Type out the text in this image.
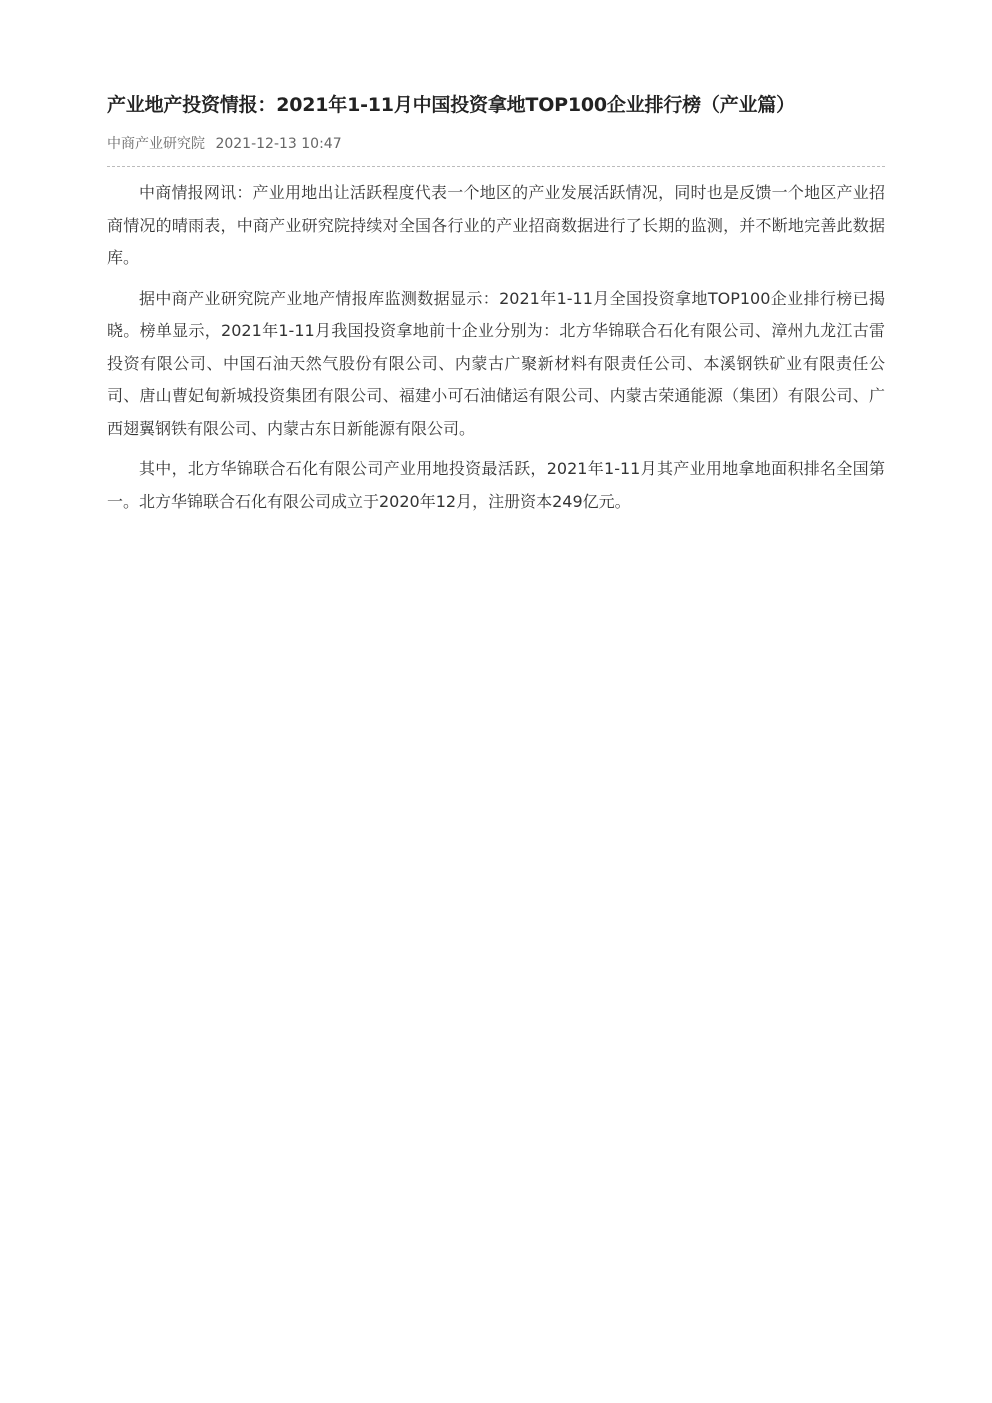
产业地产投资情报：2021年1-11月中国投资拿地TOP100企业排行榜（产业篇）
中商产业研究院 2021-12-13 10:47

中商情报网讯：产业用地出让活跃程度代表一个地区的产业发展活跃情况，同时也是反馈一个地区产业招商情况的晴雨表，中商产业研究院持续对全国各行业的产业招商数据进行了长期的监测，并不断地完善此数据库。

据中商产业研究院产业地产情报库监测数据显示：2021年1-11月全国投资拿地TOP100企业排行榜已揭晓。榜单显示，2021年1-11月我国投资拿地前十企业分别为：北方华锦联合石化有限公司、漳州九龙江古雷投资有限公司、中国石油天然气股份有限公司、内蒙古广聚新材料有限责任公司、本溪钢铁矿业有限责任公司、唐山曹妃甸新城投资集团有限公司、福建小可石油储运有限公司、内蒙古荣通能源（集团）有限公司、广西翅翼钢铁有限公司、内蒙古东日新能源有限公司。

其中，北方华锦联合石化有限公司产业用地投资最活跃，2021年1-11月其产业用地拿地面积排名全国第一。北方华锦联合石化有限公司成立于2020年12月，注册资本249亿元。
